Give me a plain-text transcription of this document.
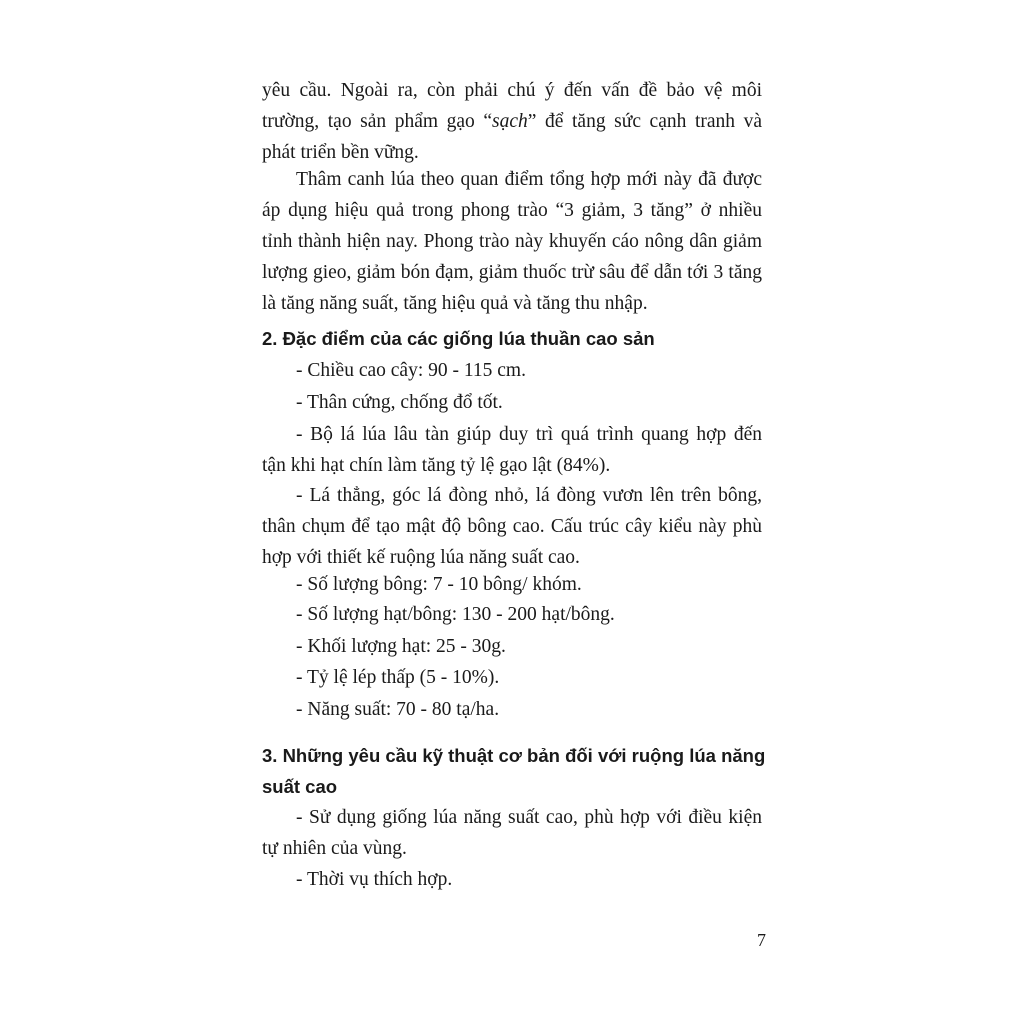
yêu cầu. Ngoài ra, còn phải chú ý đến vấn đề bảo vệ môi
trường, tạo sản phẩm gạo “sạch” để tăng sức cạnh tranh và
phát triển bền vững.
Thâm canh lúa theo quan điểm tổng hợp mới này đã được
áp dụng hiệu quả trong phong trào “3 giảm, 3 tăng” ở nhiều
tỉnh thành hiện nay. Phong trào này khuyến cáo nông dân giảm
lượng gieo, giảm bón đạm, giảm thuốc trừ sâu để dẫn tới 3 tăng
là tăng năng suất, tăng hiệu quả và tăng thu nhập.
2. Đặc điểm của các giống lúa thuần cao sản
- Chiều cao cây: 90 - 115 cm.
- Thân cứng, chống đổ tốt.
- Bộ lá lúa lâu tàn giúp duy trì quá trình quang hợp đến
tận khi hạt chín làm tăng tỷ lệ gạo lật (84%).
- Lá thẳng, góc lá đòng nhỏ, lá đòng vươn lên trên bông,
thân chụm để tạo mật độ bông cao. Cấu trúc cây kiểu này phù
hợp với thiết kế ruộng lúa năng suất cao.
- Số lượng bông: 7 - 10 bông/ khóm.
- Số lượng hạt/bông: 130 - 200 hạt/bông.
- Khối lượng hạt: 25 - 30g.
- Tỷ lệ lép thấp (5 - 10%).
- Năng suất: 70 - 80 tạ/ha.
3. Những yêu cầu kỹ thuật cơ bản đối với ruộng lúa năng
suất cao
- Sử dụng giống lúa năng suất cao, phù hợp với điều kiện
tự nhiên của vùng.
- Thời vụ thích hợp.
7
